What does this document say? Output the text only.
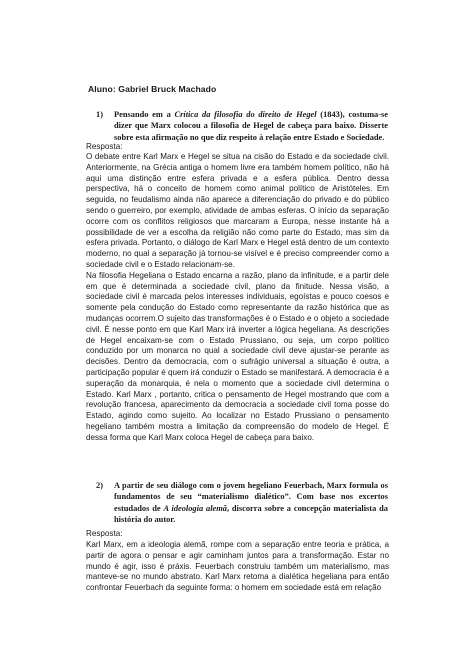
Aluno: Gabriel Bruck Machado
1) Pensando em a Crítica da filosofia do direito de Hegel (1843), costuma-se dizer que Marx colocou a filosofia de Hegel de cabeça para baixo. Disserte sobre esta afirmação no que diz respeito à relação entre Estado e Sociedade.
Resposta:

O debate entre Karl Marx e Hegel se situa na cisão do Estado e da sociedade civil. Anteriormente, na Grécia antiga o homem livre era também homem político, não há aqui uma distinção entre esfera privada e a esfera pública. Dentro dessa perspectiva, há o conceito de homem como animal político de Aristóteles. Em seguida, no feudalismo ainda não aparece a diferenciação do privado e do público sendo o guerreiro, por exemplo, atividade de ambas esferas. O início da separação ocorre com os conflitos religiosos que marcaram a Europa, nesse instante há a possibilidade de ver a escolha da religião não como parte do Estado, mas sim da esfera privada. Portanto, o diálogo de Karl Marx e Hegel está dentro de um contexto moderno, no qual a separação já tornou-se visível e é preciso compreender como a sociedade civil e o Estado relacionam-se.

Na filosofia Hegeliana o Estado encarna a razão, plano da infinitude, e a partir dele em que é determinada a sociedade civil, plano da finitude. Nessa visão, a sociedade civil é marcada pelos interesses individuais, egoístas e pouco coesos e somente pela condução do Estado como representante da razão histórica que as mudanças ocorrem.O sujeito das transformações é o Estado e o objeto a sociedade civil. É nesse ponto em que Karl Marx irá inverter a lógica hegeliana. As descrições de Hegel encaixam-se com o Estado Prussiano, ou seja, um corpo político conduzido por um monarca no qual a sociedade civil deve ajustar-se perante as decisões. Dentro da democracia, com o sufrágio universal a situação é outra, a participação popular é quem irá conduzir o Estado se manifestará. A democracia é a superação da monarquia, é nela o momento que a sociedade civil determina o Estado. Karl Marx , portanto, critica o pensamento de Hegel mostrando que com a revolução francesa, aparecimento da democracia a sociedade civil toma posse do Estado, agindo como sujeito. Ao localizar no Estado Prussiano o pensamento hegeliano também mostra a limitação da compreensão do modelo de Hegel. É dessa forma que Karl Marx coloca Hegel de cabeça para baixo.

2) A partir de seu diálogo com o jovem hegeliano Feuerbach, Marx formula os fundamentos de seu “materialismo dialético”. Com base nos excertos estudados de A ideologia alemã, discorra sobre a concepção materialista da história do autor.
Resposta:

Karl Marx, em a ideologia alemã, rompe com a separação entre teoria e prática, a partir de agora o pensar e agir caminham juntos para a transformação. Estar no mundo é agir, isso é práxis. Feuerbach construiu também um materialismo, mas manteve-se no mundo abstrato. Karl Marx retoma a dialética hegeliana para então confrontar Feuerbach da seguinte forma: o homem em sociedade está em relação
